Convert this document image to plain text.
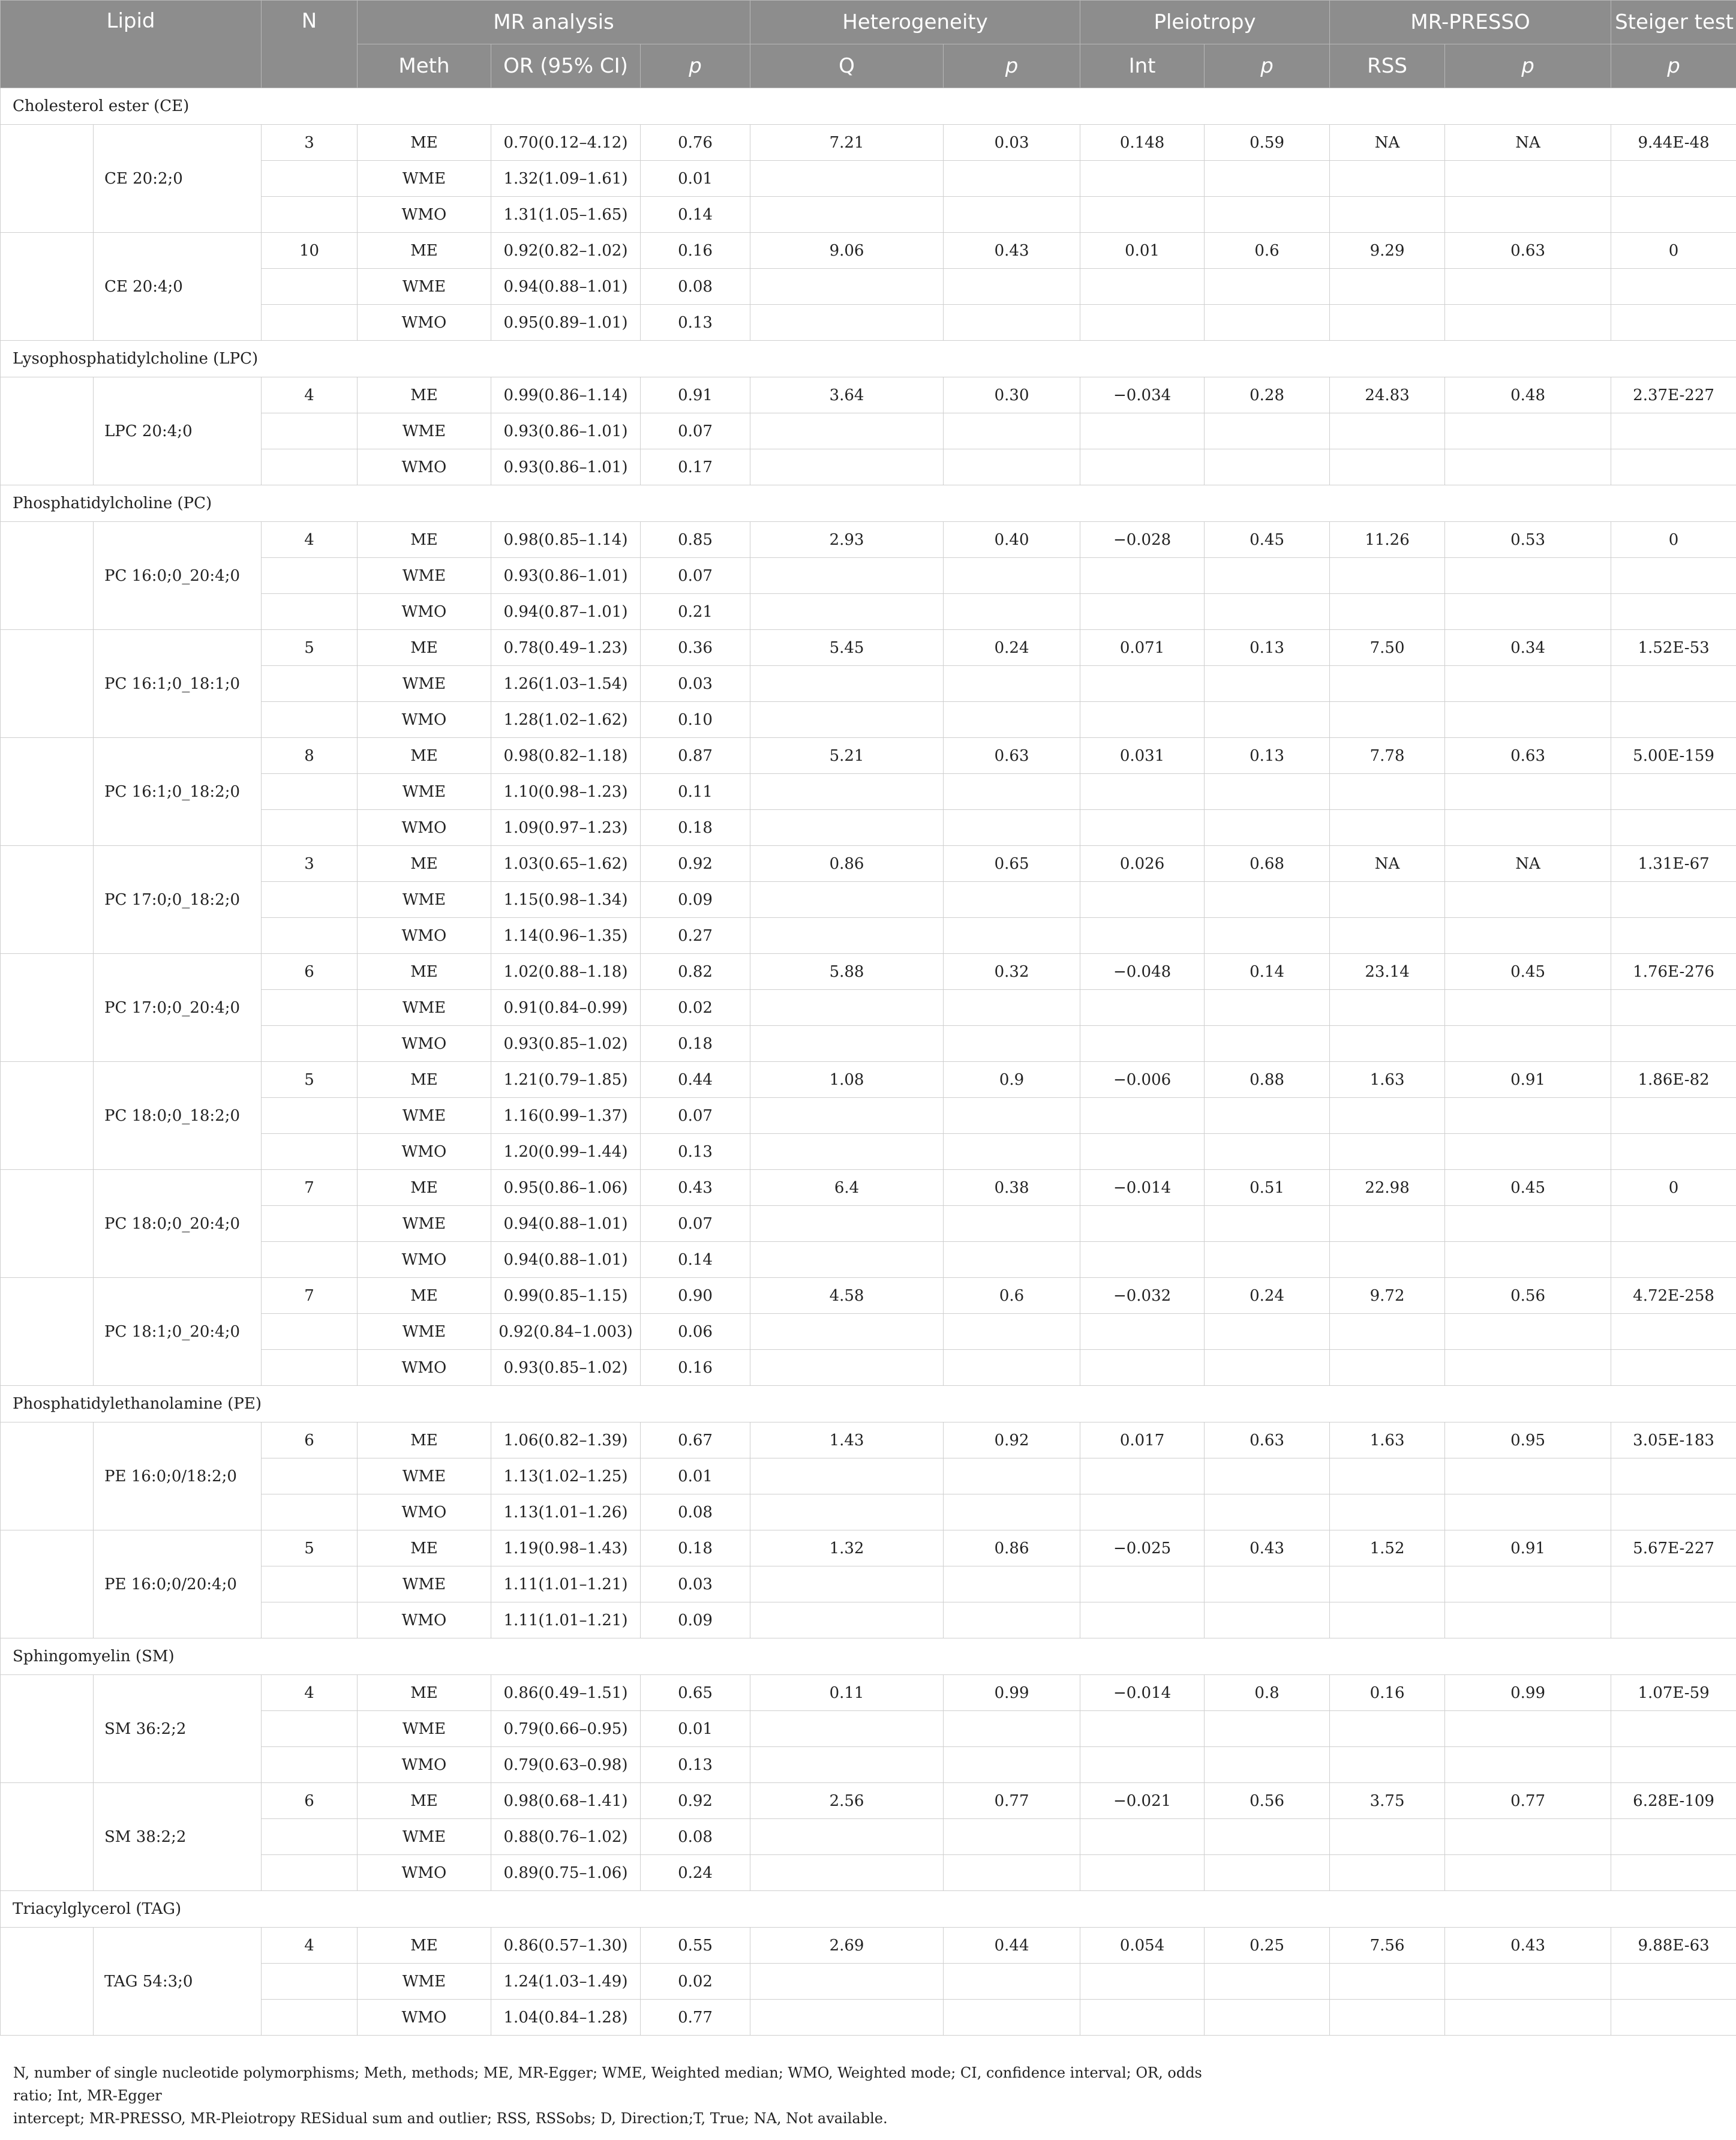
Lipid		N	MR analysis			Heterogeneity		Pleiotropy		MR-PRESSO		Steiger test	
			Meth	OR (95% CI)	p	Q	p	Int	p	RSS	p	p	
Cholesterol ester (CE)													
	CE 20:2;0	3	ME	0.70(0.12–4.12)	0.76	7.21	0.03	0.148	0.59	NA	NA	9.44E-48	
			WME	1.32(1.09–1.61)	0.01								
			WMO	1.31(1.05–1.65)	0.14								
	CE 20:4;0	10	ME	0.92(0.82–1.02)	0.16	9.06	0.43	0.01	0.6	9.29	0.63	0	
			WME	0.94(0.88–1.01)	0.08								
			WMO	0.95(0.89–1.01)	0.13								
Lysophosphatidylcholine (LPC)													
	LPC 20:4;0	4	ME	0.99(0.86–1.14)	0.91	3.64	0.30	−0.034	0.28	24.83	0.48	2.37E-227	
			WME	0.93(0.86–1.01)	0.07								
			WMO	0.93(0.86–1.01)	0.17								
Phosphatidylcholine (PC)													
	PC 16:0;0_20:4;0	4	ME	0.98(0.85–1.14)	0.85	2.93	0.40	−0.028	0.45	11.26	0.53	0	
			WME	0.93(0.86–1.01)	0.07								
			WMO	0.94(0.87–1.01)	0.21								
	PC 16:1;0_18:1;0	5	ME	0.78(0.49–1.23)	0.36	5.45	0.24	0.071	0.13	7.50	0.34	1.52E-53	
			WME	1.26(1.03–1.54)	0.03								
			WMO	1.28(1.02–1.62)	0.10								
	PC 16:1;0_18:2;0	8	ME	0.98(0.82–1.18)	0.87	5.21	0.63	0.031	0.13	7.78	0.63	5.00E-159	
			WME	1.10(0.98–1.23)	0.11								
			WMO	1.09(0.97–1.23)	0.18								
	PC 17:0;0_18:2;0	3	ME	1.03(0.65–1.62)	0.92	0.86	0.65	0.026	0.68	NA	NA	1.31E-67	
			WME	1.15(0.98–1.34)	0.09								
			WMO	1.14(0.96–1.35)	0.27								
	PC 17:0;0_20:4;0	6	ME	1.02(0.88–1.18)	0.82	5.88	0.32	−0.048	0.14	23.14	0.45	1.76E-276	
			WME	0.91(0.84–0.99)	0.02								
			WMO	0.93(0.85–1.02)	0.18								
	PC 18:0;0_18:2;0	5	ME	1.21(0.79–1.85)	0.44	1.08	0.9	−0.006	0.88	1.63	0.91	1.86E-82	
			WME	1.16(0.99–1.37)	0.07								
			WMO	1.20(0.99–1.44)	0.13								
	PC 18:0;0_20:4;0	7	ME	0.95(0.86–1.06)	0.43	6.4	0.38	−0.014	0.51	22.98	0.45	0	
			WME	0.94(0.88–1.01)	0.07								
			WMO	0.94(0.88–1.01)	0.14								
	PC 18:1;0_20:4;0	7	ME	0.99(0.85–1.15)	0.90	4.58	0.6	−0.032	0.24	9.72	0.56	4.72E-258	
			WME	0.92(0.84–1.003)	0.06								
			WMO	0.93(0.85–1.02)	0.16								
Phosphatidylethanolamine (PE)													
	PE 16:0;0/18:2;0	6	ME	1.06(0.82–1.39)	0.67	1.43	0.92	0.017	0.63	1.63	0.95	3.05E-183	
			WME	1.13(1.02–1.25)	0.01								
			WMO	1.13(1.01–1.26)	0.08								
	PE 16:0;0/20:4;0	5	ME	1.19(0.98–1.43)	0.18	1.32	0.86	−0.025	0.43	1.52	0.91	5.67E-227	
			WME	1.11(1.01–1.21)	0.03								
			WMO	1.11(1.01–1.21)	0.09								
Sphingomyelin (SM)													
	SM 36:2;2	4	ME	0.86(0.49–1.51)	0.65	0.11	0.99	−0.014	0.8	0.16	0.99	1.07E-59	
			WME	0.79(0.66–0.95)	0.01								
			WMO	0.79(0.63–0.98)	0.13								
	SM 38:2;2	6	ME	0.98(0.68–1.41)	0.92	2.56	0.77	−0.021	0.56	3.75	0.77	6.28E-109	
			WME	0.88(0.76–1.02)	0.08								
			WMO	0.89(0.75–1.06)	0.24								
Triacylglycerol (TAG)													
	TAG 54:3;0	4	ME	0.86(0.57–1.30)	0.55	2.69	0.44	0.054	0.25	7.56	0.43	9.88E-63	
			WME	1.24(1.03–1.49)	0.02								
			WMO	1.04(0.84–1.28)	0.77								
N, number of single nucleotide polymorphisms; Meth, methods; ME, MR-Egger; WME, Weighted median; WMO, Weighted mode; CI, confidence interval; OR, odds ratio; Int, MR-Egger
intercept; MR-PRESSO, MR-Pleiotropy RESidual sum and outlier; RSS, RSSobs; D, Direction;T, True; NA, Not available.
